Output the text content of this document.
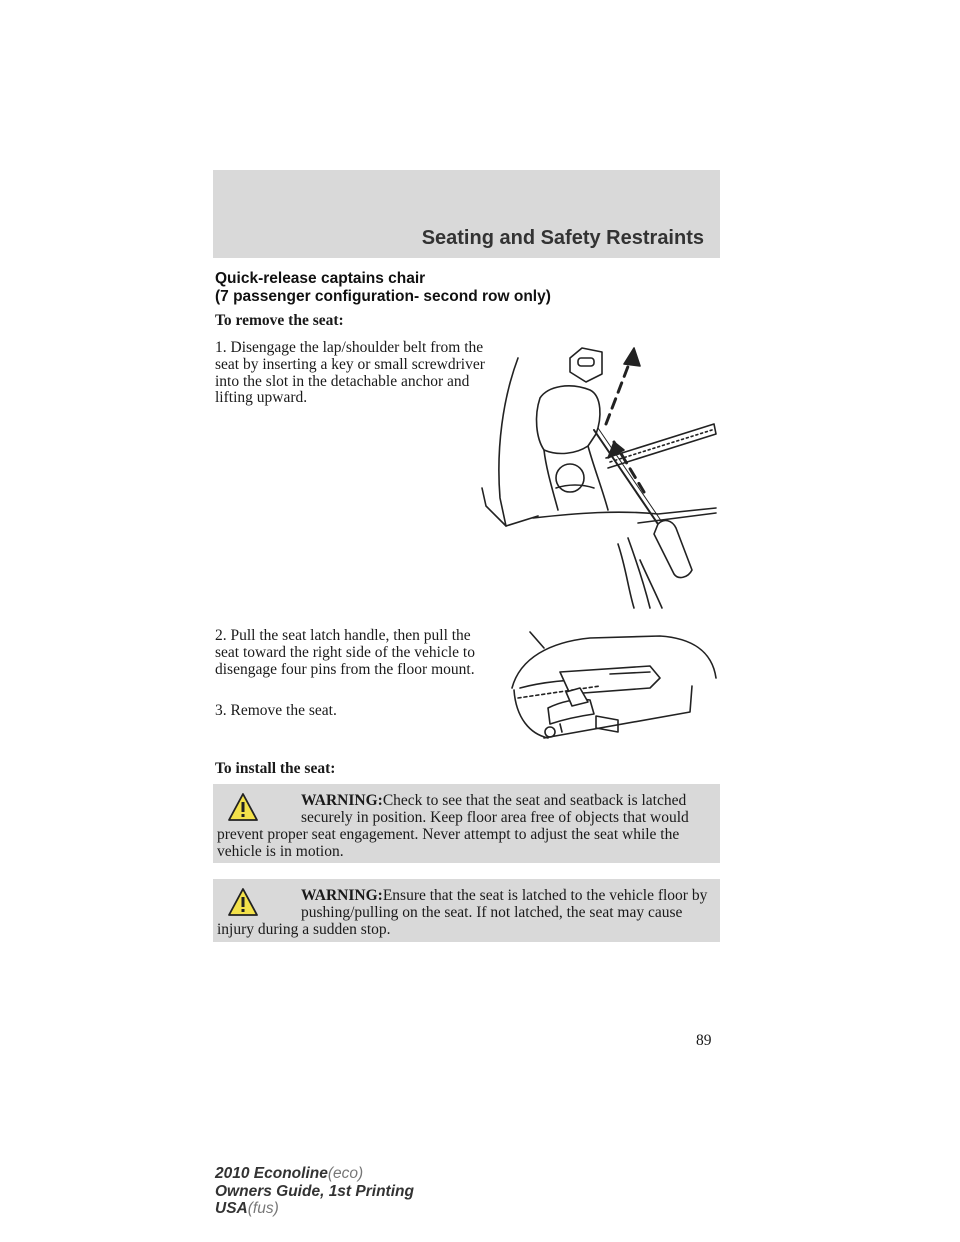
Seating and Safety Restraints
Quick-release captains chair
(7 passenger configuration- second row only)
To remove the seat:
1. Disengage the lap/shoulder belt from the seat by inserting a key or small screwdriver into the slot in the detachable anchor and lifting upward.
2. Pull the seat latch handle, then pull the seat toward the right side of the vehicle to disengage four pins from the floor mount.
3. Remove the seat.
To install the seat:
WARNING:Check to see that the seat and seatback is latched securely in position. Keep floor area free of objects that would prevent proper seat engagement. Never attempt to adjust the seat while the vehicle is in motion.
WARNING:Ensure that the seat is latched to the vehicle floor by pushing/pulling on the seat. If not latched, the seat may cause injury during a sudden stop.
89
2010 Econoline(eco)
Owners Guide, 1st Printing
USA(fus)
